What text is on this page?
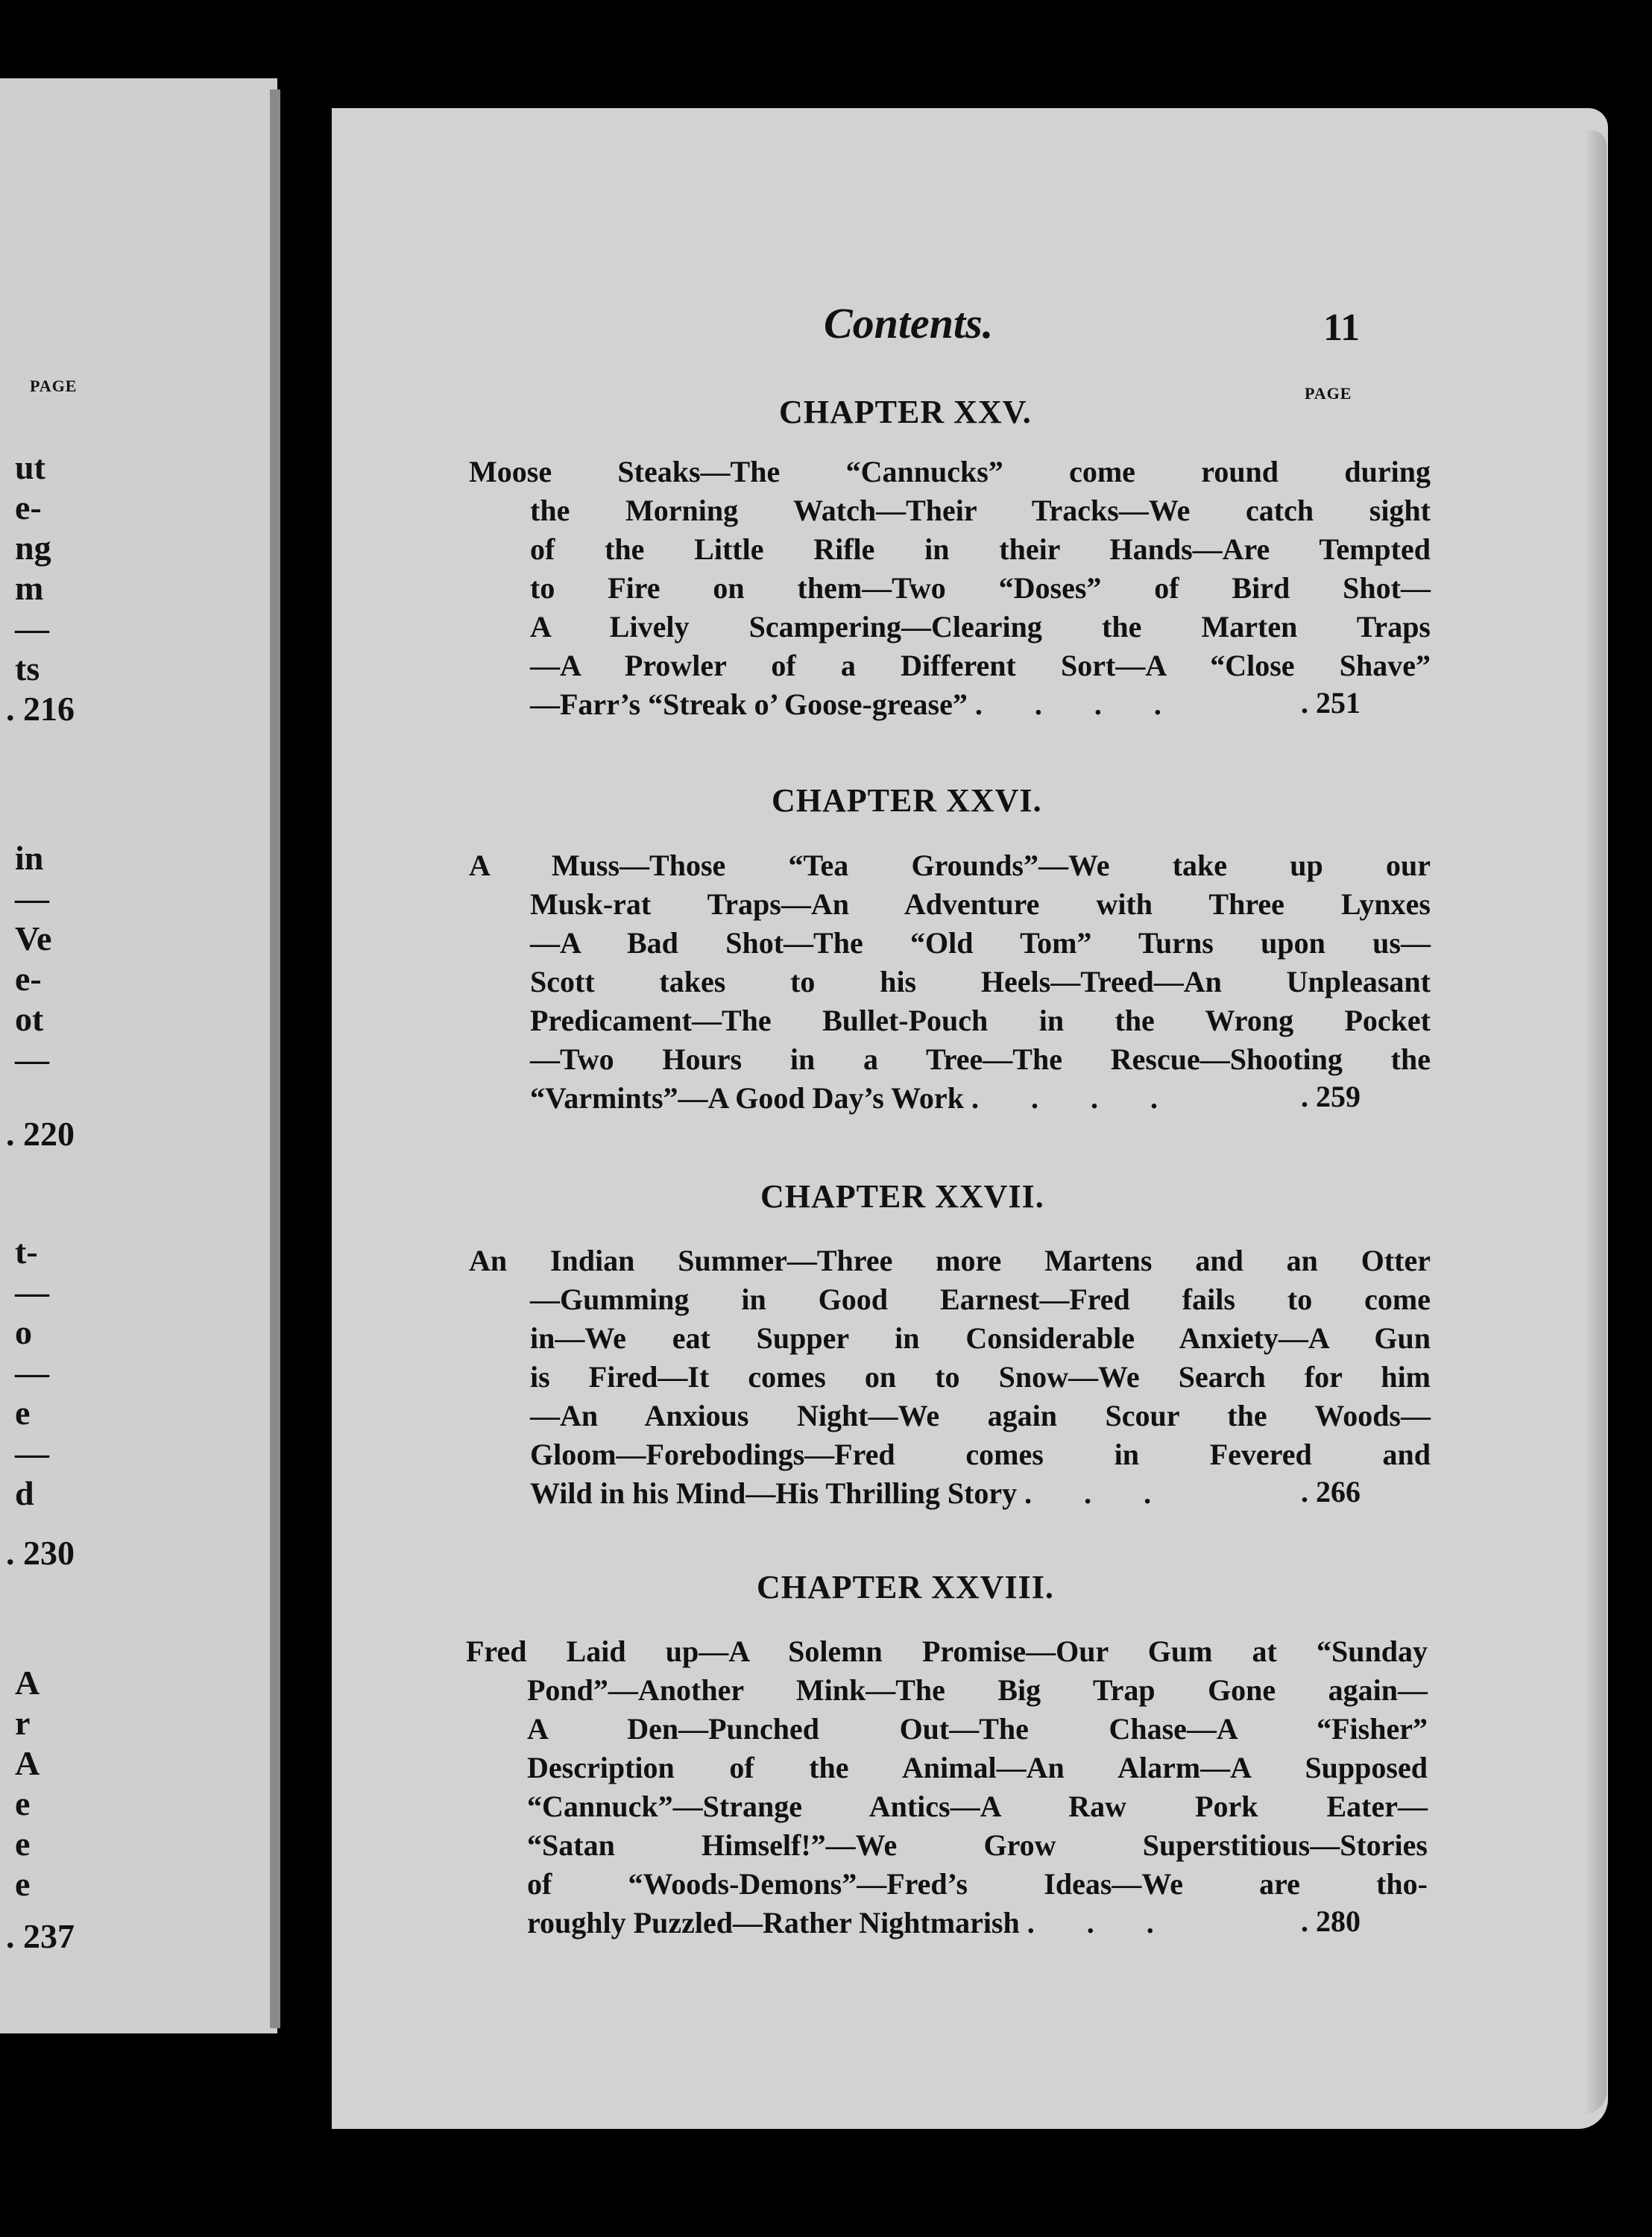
PAGE
ut
e-
ng
m
—
ts
. 216
in
—
Ve
e-
ot
—
. 220
t-
—
o
—
e
—
d
. 230
A
r
A
e
e
e
. 237
Contents.	11
PAGE
CHAPTER XXV.
Moose Steaks—The “Cannucks” come round during
the Morning Watch—Their Tracks—We catch sight
of the Little Rifle in their Hands—Are Tempted
to Fire on them—Two “Doses” of Bird Shot—
A Lively Scampering—Clearing the Marten Traps
—A Prowler of a Different Sort—A “Close Shave”
—Farr’s “Streak o’ Goose-grease” . . . .	. 251
CHAPTER XXVI.
A Muss—Those “Tea Grounds”—We take up our
Musk-rat Traps—An Adventure with Three Lynxes
—A Bad Shot—The “Old Tom” Turns upon us—
Scott takes to his Heels—Treed—An Unpleasant
Predicament—The Bullet-Pouch in the Wrong Pocket
—Two Hours in a Tree—The Rescue—Shooting the
“Varmints”—A Good Day’s Work . . . .	. 259
CHAPTER XXVII.
An Indian Summer—Three more Martens and an Otter
—Gumming in Good Earnest—Fred fails to come
in—We eat Supper in Considerable Anxiety—A Gun
is Fired—It comes on to Snow—We Search for him
—An Anxious Night—We again Scour the Woods—
Gloom—Forebodings—Fred comes in Fevered and
Wild in his Mind—His Thrilling Story . . .	. 266
CHAPTER XXVIII.
Fred Laid up—A Solemn Promise—Our Gum at “Sunday
Pond”—Another Mink—The Big Trap Gone again—
A Den—Punched Out—The Chase—A “Fisher”
Description of the Animal—An Alarm—A Supposed
“Cannuck”—Strange Antics—A Raw Pork Eater—
“Satan Himself!”—We Grow Superstitious—Stories
of “Woods-Demons”—Fred’s Ideas—We are tho-
roughly Puzzled—Rather Nightmarish . . .	. 280
